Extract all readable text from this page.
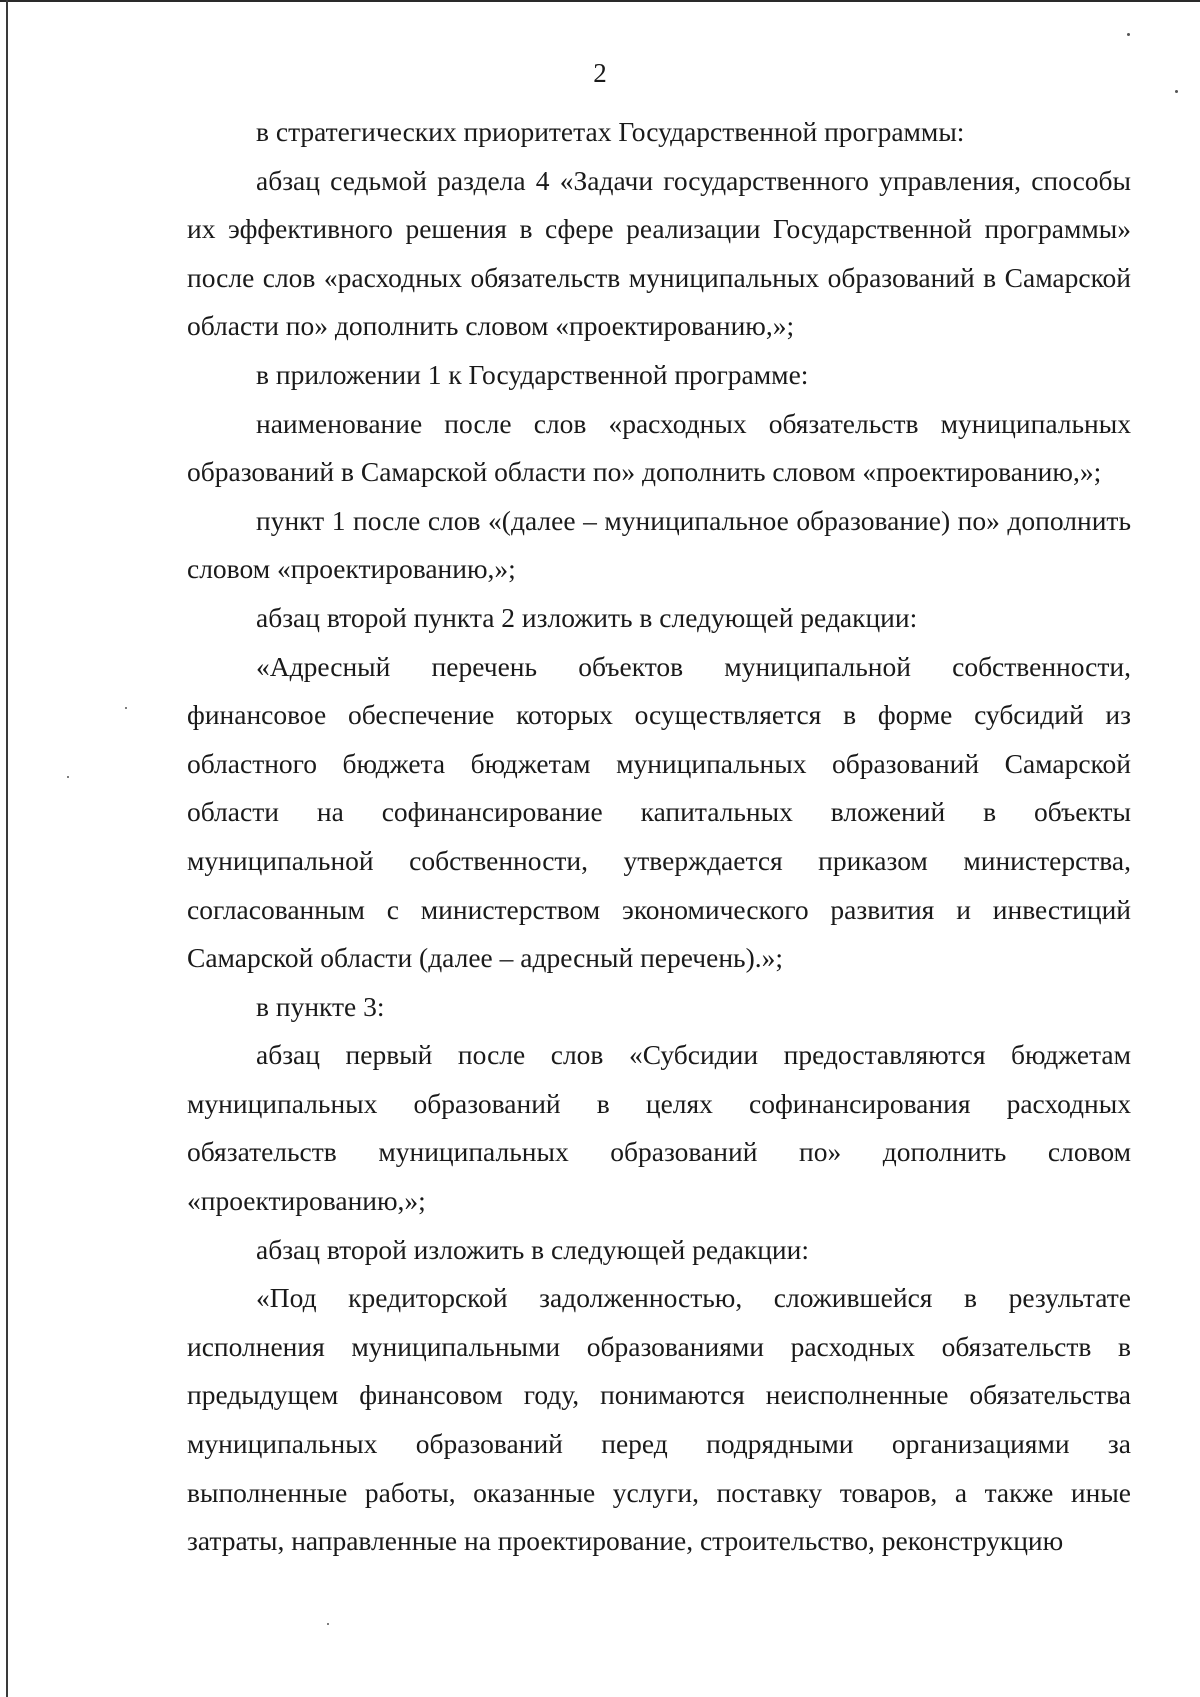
2

в стратегических приоритетах Государственной программы:

абзац седьмой раздела 4 «Задачи государственного управления, способы их эффективного решения в сфере реализации Государственной программы» после слов «расходных обязательств муниципальных образований в Самарской области по» дополнить словом «проектированию,»;

в приложении 1 к Государственной программе:

наименование после слов «расходных обязательств муниципальных образований в Самарской области по» дополнить словом «проектированию,»;

пункт 1 после слов «(далее – муниципальное образование) по» дополнить словом «проектированию,»;

абзац второй пункта 2 изложить в следующей редакции:

«Адресный перечень объектов муниципальной собственности, финансовое обеспечение которых осуществляется в форме субсидий из областного бюджета бюджетам муниципальных образований Самарской области на софинансирование капитальных вложений в объекты муниципальной собственности, утверждается приказом министерства, согласованным с министерством экономического развития и инвестиций Самарской области (далее – адресный перечень).»;

в пункте 3:

абзац первый после слов «Субсидии предоставляются бюджетам муниципальных образований в целях софинансирования расходных обязательств муниципальных образований по» дополнить словом «проектированию,»;

абзац второй изложить в следующей редакции:

«Под кредиторской задолженностью, сложившейся в результате исполнения муниципальными образованиями расходных обязательств в предыдущем финансовом году, понимаются неисполненные обязательства муниципальных образований перед подрядными организациями за выполненные работы, оказанные услуги, поставку товаров, а также иные затраты, направленные на проектирование, строительство, реконструкцию
